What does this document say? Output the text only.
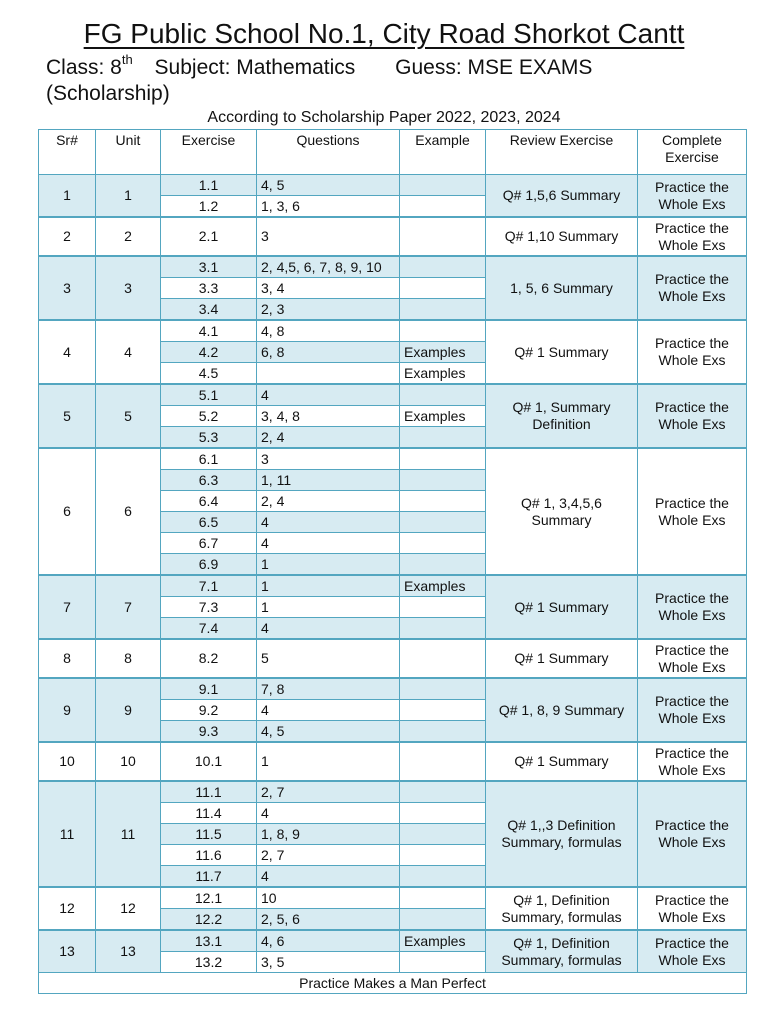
FG Public School No.1, City Road Shorkot Cantt
Class: 8th Subject: Mathematics Guess: MSE EXAMS
(Scholarship)
According to Scholarship Paper 2022, 2023, 2024
Sr#	Unit	Exercise	Questions	Example	Review Exercise	Complete Exercise
1	1	1.1	4, 5		Q# 1,5,6 Summary	Practice the Whole Exs
		1.2	1, 3, 6			
2	2	2.1	3		Q# 1,10 Summary	Practice the Whole Exs
3	3	3.1	2, 4,5, 6, 7, 8, 9, 10		1, 5, 6 Summary	Practice the Whole Exs
		3.3	3, 4			
		3.4	2, 3			
4	4	4.1	4, 8		Q# 1 Summary	Practice the Whole Exs
		4.2	6, 8	Examples		
		4.5		Examples		
5	5	5.1	4		Q# 1, Summary Definition	Practice the Whole Exs
		5.2	3, 4, 8	Examples		
		5.3	2, 4			
6	6	6.1	3		Q# 1, 3,4,5,6 Summary	Practice the Whole Exs
		6.3	1, 11			
		6.4	2, 4			
		6.5	4			
		6.7	4			
		6.9	1			
7	7	7.1	1	Examples	Q# 1 Summary	Practice the Whole Exs
		7.3	1			
		7.4	4			
8	8	8.2	5		Q# 1 Summary	Practice the Whole Exs
9	9	9.1	7, 8		Q# 1, 8, 9 Summary	Practice the Whole Exs
		9.2	4			
		9.3	4, 5			
10	10	10.1	1		Q# 1 Summary	Practice the Whole Exs
11	11	11.1	2, 7		Q# 1,,3 Definition Summary, formulas	Practice the Whole Exs
		11.4	4			
		11.5	1, 8, 9			
		11.6	2, 7			
		11.7	4			
12	12	12.1	10		Q# 1, Definition Summary, formulas	Practice the Whole Exs
		12.2	2, 5, 6			
13	13	13.1	4, 6	Examples	Q# 1, Definition Summary, formulas	Practice the Whole Exs
		13.2	3, 5			
Practice Makes a Man Perfect						
